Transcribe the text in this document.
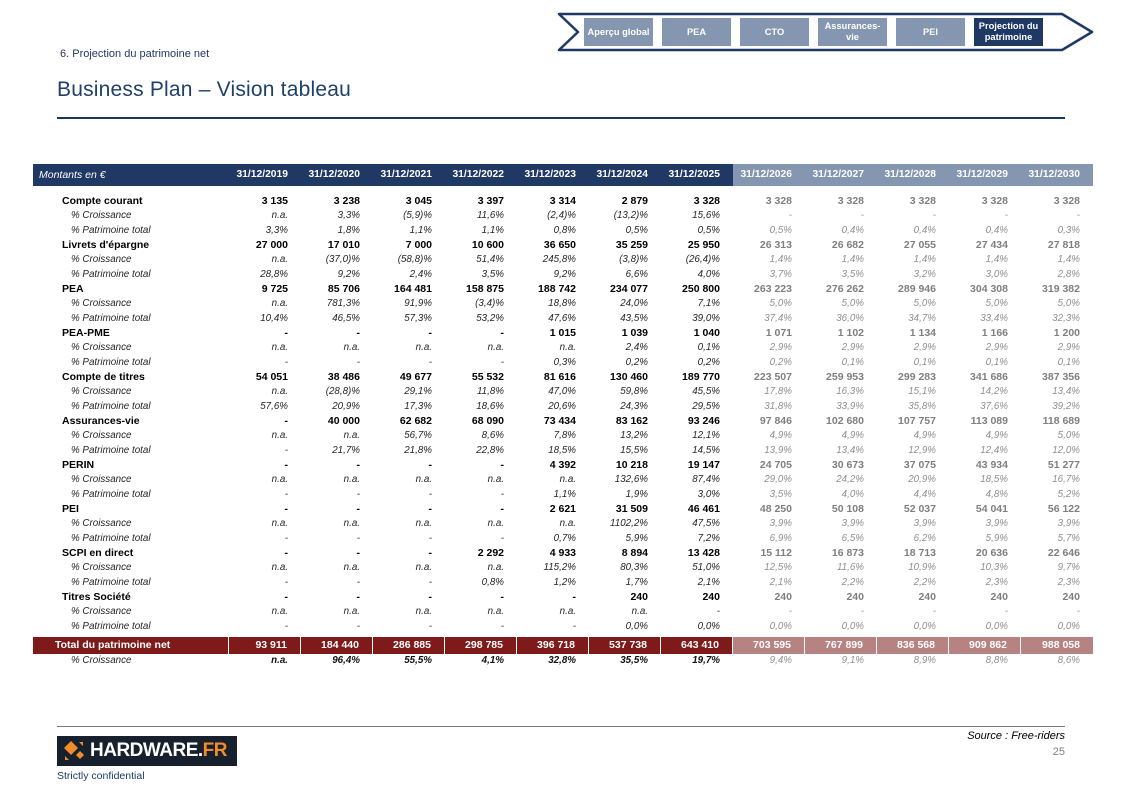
Aperçu global	PEA	CTO
Assurances-vie
PEI
Projection du patrimoine
6. Projection du patrimoine net
Business Plan – Vision tableau
Montants en €	31/12/2019	31/12/2020	31/12/2021	31/12/2022	31/12/2023	31/12/2024	31/12/2025	31/12/2026	31/12/2027	31/12/2028	31/12/2029	31/12/2030
Compte courant	3 135	3 238	3 045	3 397	3 314	2 879	3 328	3 328	3 328	3 328	3 328	3 328
% Croissance	n.a.	3,3%	(5,9)%	11,6%	(2,4)%	(13,2)%	15,6%	-	-	-	-	-
% Patrimoine total	3,3%	1,8%	1,1%	1,1%	0,8%	0,5%	0,5%	0,5%	0,4%	0,4%	0,4%	0,3%
Livrets d'épargne	27 000	17 010	7 000	10 600	36 650	35 259	25 950	26 313	26 682	27 055	27 434	27 818
% Croissance	n.a.	(37,0)%	(58,8)%	51,4%	245,8%	(3,8)%	(26,4)%	1,4%	1,4%	1,4%	1,4%	1,4%
% Patrimoine total	28,8%	9,2%	2,4%	3,5%	9,2%	6,6%	4,0%	3,7%	3,5%	3,2%	3,0%	2,8%
PEA	9 725	85 706	164 481	158 875	188 742	234 077	250 800	263 223	276 262	289 946	304 308	319 382
% Croissance	n.a.	781,3%	91,9%	(3,4)%	18,8%	24,0%	7,1%	5,0%	5,0%	5,0%	5,0%	5,0%
% Patrimoine total	10,4%	46,5%	57,3%	53,2%	47,6%	43,5%	39,0%	37,4%	36,0%	34,7%	33,4%	32,3%
PEA-PME	-	-	-	-	1 015	1 039	1 040	1 071	1 102	1 134	1 166	1 200
% Croissance	n.a.	n.a.	n.a.	n.a.	n.a.	2,4%	0,1%	2,9%	2,9%	2,9%	2,9%	2,9%
% Patrimoine total	-	-	-	-	0,3%	0,2%	0,2%	0,2%	0,1%	0,1%	0,1%	0,1%
Compte de titres	54 051	38 486	49 677	55 532	81 616	130 460	189 770	223 507	259 953	299 283	341 686	387 356
% Croissance	n.a.	(28,8)%	29,1%	11,8%	47,0%	59,8%	45,5%	17,8%	16,3%	15,1%	14,2%	13,4%
% Patrimoine total	57,6%	20,9%	17,3%	18,6%	20,6%	24,3%	29,5%	31,8%	33,9%	35,8%	37,6%	39,2%
Assurances-vie	-	40 000	62 682	68 090	73 434	83 162	93 246	97 846	102 680	107 757	113 089	118 689
% Croissance	n.a.	n.a.	56,7%	8,6%	7,8%	13,2%	12,1%	4,9%	4,9%	4,9%	4,9%	5,0%
% Patrimoine total	-	21,7%	21,8%	22,8%	18,5%	15,5%	14,5%	13,9%	13,4%	12,9%	12,4%	12,0%
PERIN	-	-	-	-	4 392	10 218	19 147	24 705	30 673	37 075	43 934	51 277
% Croissance	n.a.	n.a.	n.a.	n.a.	n.a.	132,6%	87,4%	29,0%	24,2%	20,9%	18,5%	16,7%
% Patrimoine total	-	-	-	-	1,1%	1,9%	3,0%	3,5%	4,0%	4,4%	4,8%	5,2%
PEI	-	-	-	-	2 621	31 509	46 461	48 250	50 108	52 037	54 041	56 122
% Croissance	n.a.	n.a.	n.a.	n.a.	n.a.	1102,2%	47,5%	3,9%	3,9%	3,9%	3,9%	3,9%
% Patrimoine total	-	-	-	-	0,7%	5,9%	7,2%	6,9%	6,5%	6,2%	5,9%	5,7%
SCPI en direct	-	-	-	2 292	4 933	8 894	13 428	15 112	16 873	18 713	20 636	22 646
% Croissance	n.a.	n.a.	n.a.	n.a.	115,2%	80,3%	51,0%	12,5%	11,6%	10,9%	10,3%	9,7%
% Patrimoine total	-	-	-	0,8%	1,2%	1,7%	2,1%	2,1%	2,2%	2,2%	2,3%	2,3%
Titres Société	-	-	-	-	-	240	240	240	240	240	240	240
% Croissance	n.a.	n.a.	n.a.	n.a.	n.a.	n.a.	-	-	-	-	-	-
% Patrimoine total	-	-	-	-	-	0,0%	0,0%	0,0%	0,0%	0,0%	0,0%	0,0%
Total du patrimoine net	93 911	184 440	286 885	298 785	396 718	537 738	643 410	703 595	767 899	836 568	909 862	988 058
% Croissance	n.a.	96,4%	55,5%	4,1%	32,8%	35,5%	19,7%	9,4%	9,1%	8,9%	8,8%	8,6%
HARDWARE.FR
Strictly confidential
Source : Free-riders
25
